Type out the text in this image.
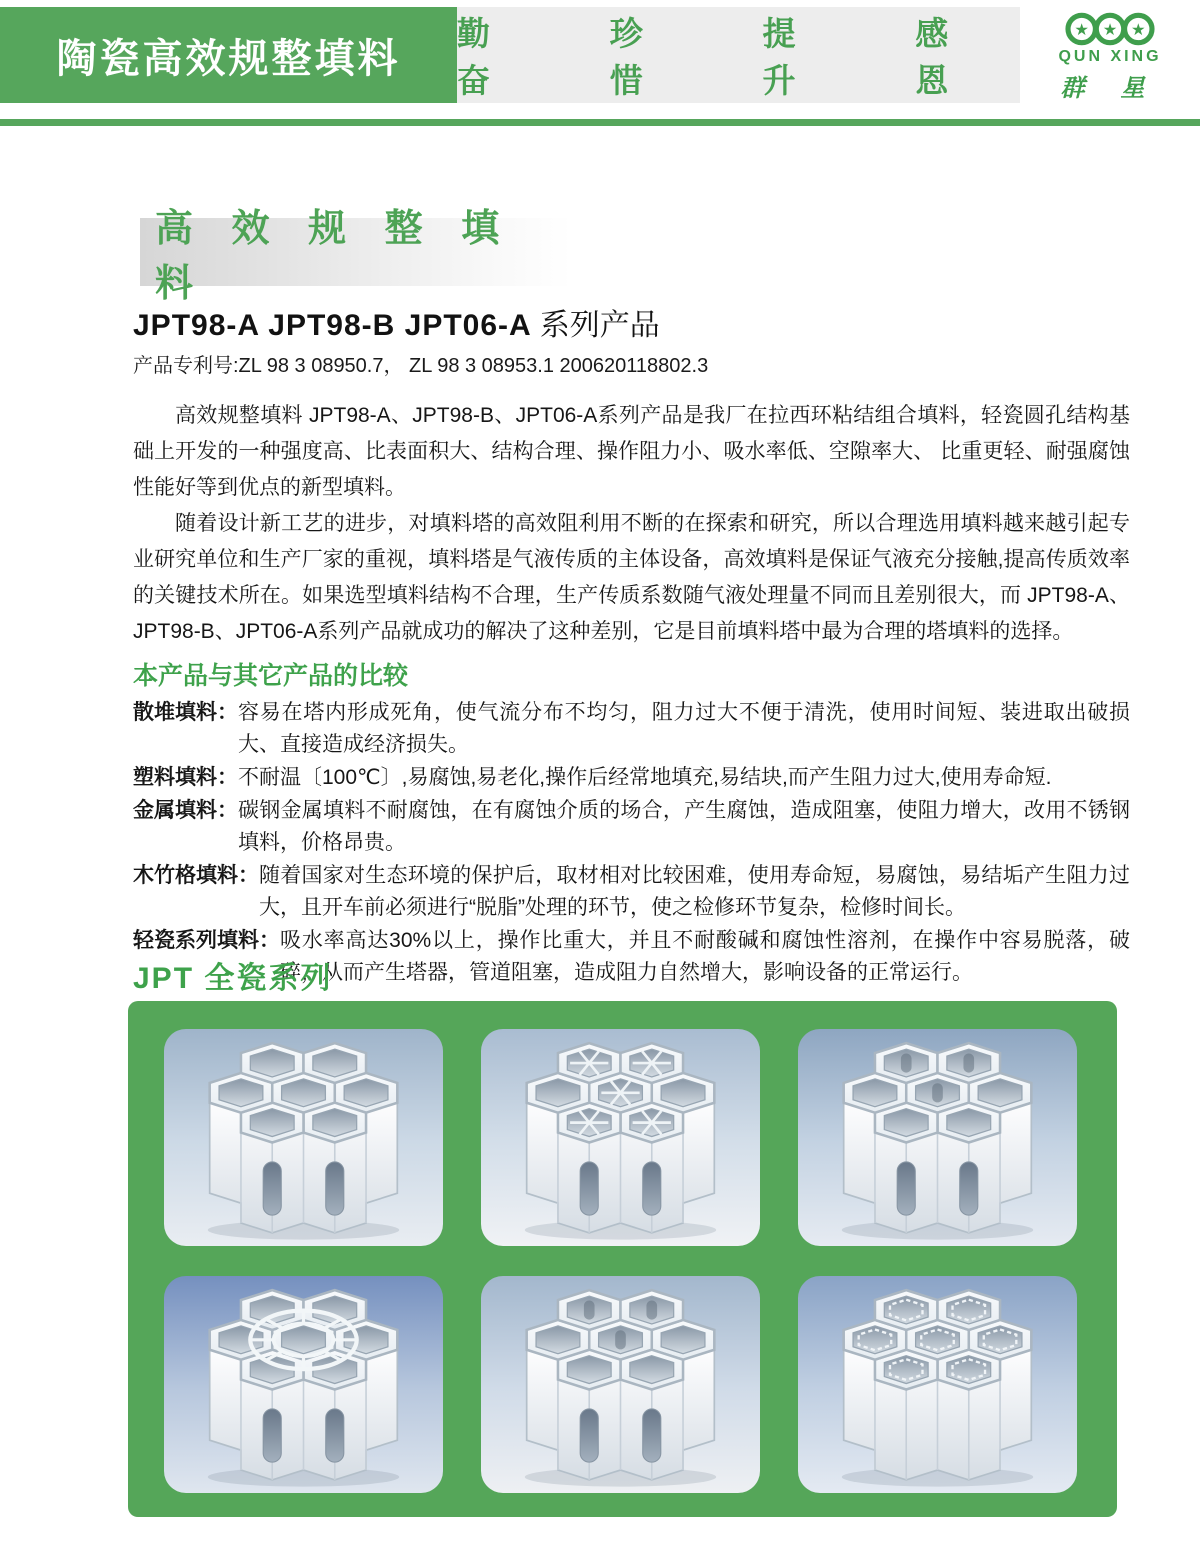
陶瓷高效规整填料
勤 奋
珍 惜
提 升
感 恩
★ ★ ★
QUN XING
群 星
高 效 规 整 填 料
JPT98-A JPT98-B JPT06-A 系列产品
产品专利号:ZL 98 3 08950.7， ZL 98 3 08953.1 200620118802.3

高效规整填料 JPT98-A、JPT98-B、JPT06-A系列产品是我厂在拉西环粘结组合填料，轻瓷圆孔结构基础上开发的一种强度高、比表面积大、结构合理、操作阻力小、吸水率低、空隙率大、 比重更轻、耐强腐蚀性能好等到优点的新型填料。

随着设计新工艺的进步，对填料塔的高效阻利用不断的在探索和研究，所以合理选用填料越来越引起专业研究单位和生产厂家的重视，填料塔是气液传质的主体设备，高效填料是保证气液充分接触,提高传质效率的关键技术所在。如果选型填料结构不合理，生产传质系数随气液处理量不同而且差别很大，而 JPT98-A、JPT98-B、JPT06-A系列产品就成功的解决了这种差别，它是目前填料塔中最为合理的塔填料的选择。

本产品与其它产品的比较
散堆填料： 容易在塔内形成死角，使气流分布不均匀，阻力过大不便于清洗，使用时间短、装进取出破损大、直接造成经济损失。
塑料填料： 不耐温〔100℃〕,易腐蚀,易老化,操作后经常地填充,易结块,而产生阻力过大,使用寿命短.
金属填料： 碳钢金属填料不耐腐蚀，在有腐蚀介质的场合，产生腐蚀，造成阻塞，使阻力增大，改用不锈钢填料，价格昂贵。
木竹格填料： 随着国家对生态环境的保护后，取材相对比较困难，使用寿命短，易腐蚀，易结垢产生阻力过大，且开车前必须进行“脱脂”处理的环节，使之检修环节复杂，检修时间长。
轻瓷系列填料： 吸水率高达30%以上，操作比重大，并且不耐酸碱和腐蚀性溶剂，在操作中容易脱落，破碎，从而产生塔器，管道阻塞，造成阻力自然增大，影响设备的正常运行。
JPT 全瓷系列
